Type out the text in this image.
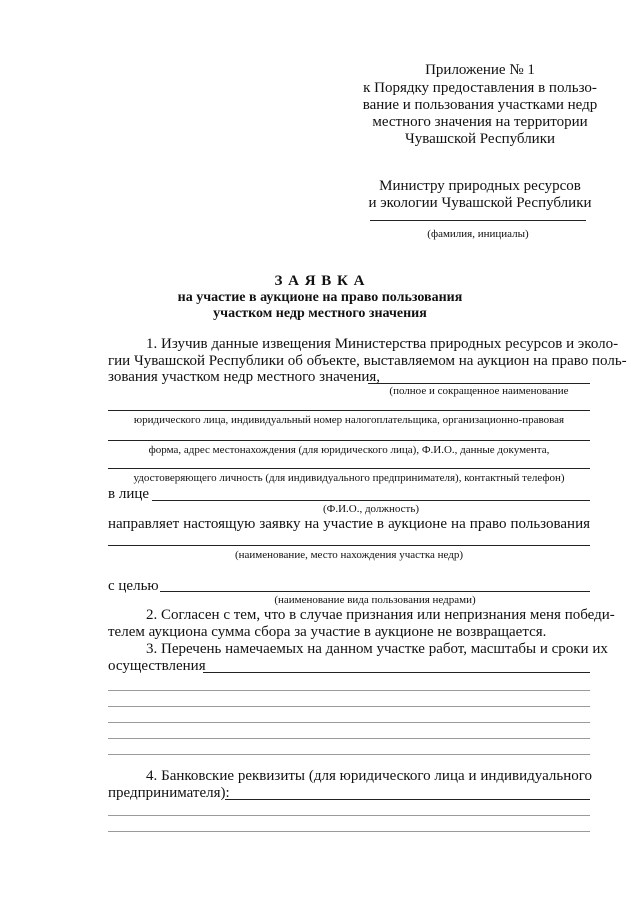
Приложение № 1
к Порядку предоставления в пользо-
вание и пользования участками недр
местного значения на территории
Чувашской Республики
Министру природных ресурсов
и экологии Чувашской Республики
(фамилия, инициалы)
З А Я В К А
на участие в аукционе на право пользования
участком недр местного значения
1. Изучив данные извещения Министерства природных ресурсов и эколо-
гии Чувашской Республики об объекте, выставляемом на аукцион на право поль-
зования участком недр местного значения,
(полное и сокращенное наименование
юридического лица, индивидуальный номер налогоплательщика, организационно-правовая
форма, адрес местонахождения (для юридического лица), Ф.И.О., данные документа,
удостоверяющего личность (для индивидуального предпринимателя), контактный телефон)
в лице
(Ф.И.О., должность)
направляет настоящую заявку на участие в аукционе на право пользования
(наименование, место нахождения участка недр)
с целью
(наименование вида пользования недрами)
2. Согласен с тем, что в случае признания или непризнания меня победи-
телем аукциона сумма сбора за участие в аукционе не возвращается.
3. Перечень намечаемых на данном участке работ, масштабы и сроки их
осуществления
4. Банковские реквизиты (для юридического лица и индивидуального
предпринимателя):
